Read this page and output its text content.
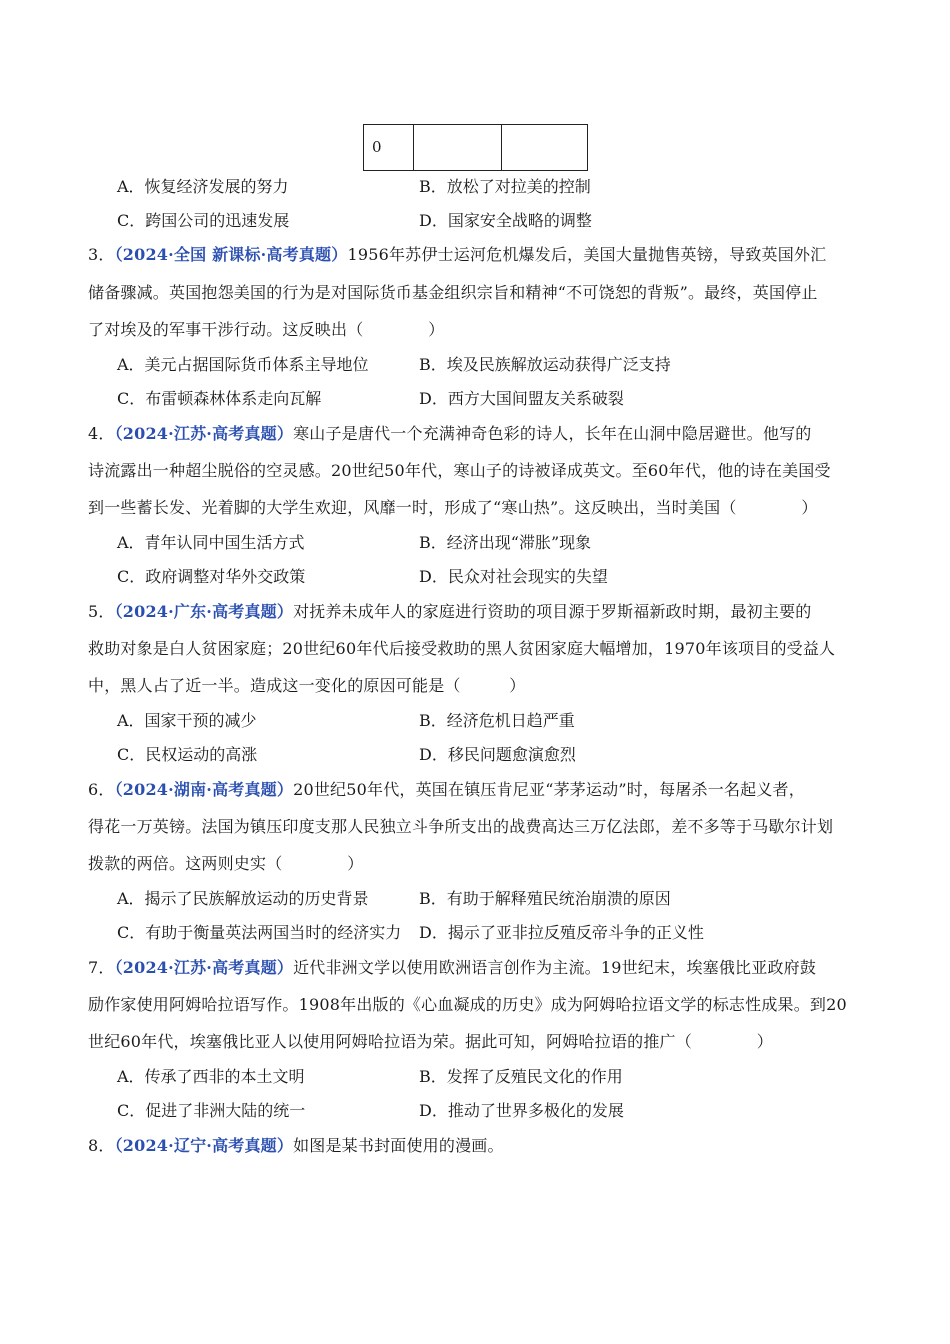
0		
A．恢复经济发展的努力	B．放松了对拉美的控制
C．跨国公司的迅速发展	D．国家安全战略的调整
3．（2024·全国 新课标·高考真题）1956年苏伊士运河危机爆发后，美国大量抛售英镑，导致英国外汇
储备骤减。英国抱怨美国的行为是对国际货币基金组织宗旨和精神“不可饶恕的背叛”。最终，英国停止
了对埃及的军事干涉行动。这反映出（　　　　）
A．美元占据国际货币体系主导地位	B．埃及民族解放运动获得广泛支持
C．布雷顿森林体系走向瓦解	D．西方大国间盟友关系破裂
4．（2024·江苏·高考真题）寒山子是唐代一个充满神奇色彩的诗人，长年在山洞中隐居避世。他写的
诗流露出一种超尘脱俗的空灵感。20世纪50年代，寒山子的诗被译成英文。至60年代，他的诗在美国受
到一些蓄长发、光着脚的大学生欢迎，风靡一时，形成了“寒山热”。这反映出，当时美国（　　　　）
A．青年认同中国生活方式	B．经济出现“滞胀”现象
C．政府调整对华外交政策	D．民众对社会现实的失望
5．（2024·广东·高考真题）对抚养未成年人的家庭进行资助的项目源于罗斯福新政时期，最初主要的
救助对象是白人贫困家庭；20世纪60年代后接受救助的黑人贫困家庭大幅增加，1970年该项目的受益人
中，黑人占了近一半。造成这一变化的原因可能是（　　　）
A．国家干预的减少	B．经济危机日趋严重
C．民权运动的高涨	D．移民问题愈演愈烈
6．（2024·湖南·高考真题）20世纪50年代，英国在镇压肯尼亚“茅茅运动”时，每屠杀一名起义者，
得花一万英镑。法国为镇压印度支那人民独立斗争所支出的战费高达三万亿法郎，差不多等于马歇尔计划
拨款的两倍。这两则史实（　　　　）
A．揭示了民族解放运动的历史背景	B．有助于解释殖民统治崩溃的原因
C．有助于衡量英法两国当时的经济实力 D．揭示了亚非拉反殖反帝斗争的正义性
7．（2024·江苏·高考真题）近代非洲文学以使用欧洲语言创作为主流。19世纪末，埃塞俄比亚政府鼓
励作家使用阿姆哈拉语写作。1908年出版的《心血凝成的历史》成为阿姆哈拉语文学的标志性成果。到20
世纪60年代，埃塞俄比亚人以使用阿姆哈拉语为荣。据此可知，阿姆哈拉语的推广（　　　　）
A．传承了西非的本土文明	B．发挥了反殖民文化的作用
C．促进了非洲大陆的统一	D．推动了世界多极化的发展
8．（2024·辽宁·高考真题）如图是某书封面使用的漫画。
